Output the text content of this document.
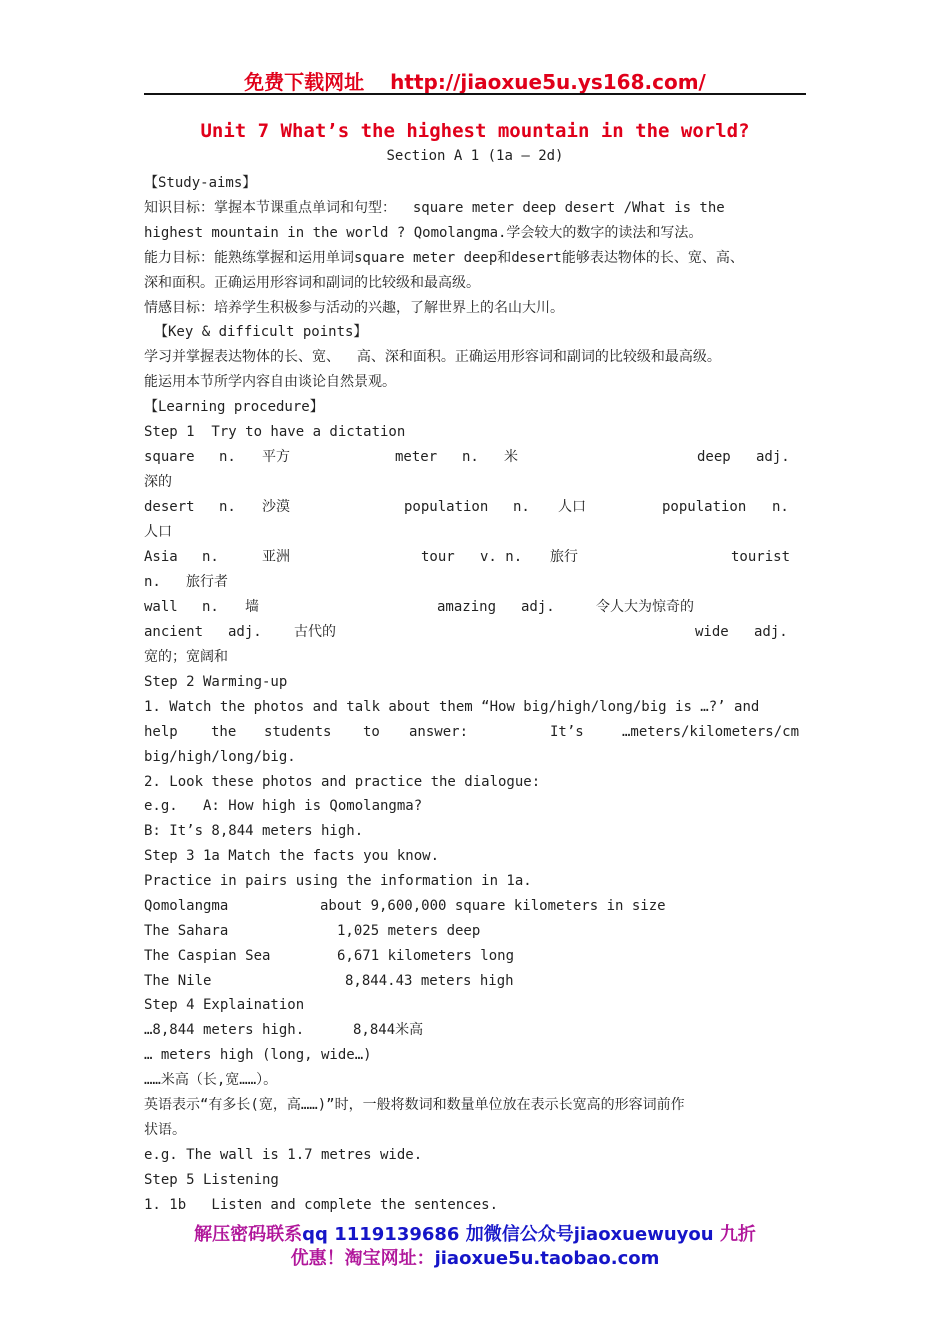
免费下载网址 http://jiaoxue5u.ys168.com/
Unit 7 What’s the highest mountain in the world?
Section A 1 (1a – 2d)
【Study-aims】
知识目标：掌握本节课重点单词和句型：  square meter deep desert /What is the
highest mountain in the world ? Qomolangma.学会较大的数字的读法和写法。
能力目标：能熟练掌握和运用单词square meter deep和desert能够表达物体的长、宽、高、
深和面积。正确运用形容词和副词的比较级和最高级。
情感目标：培养学生积极参与活动的兴趣，了解世界上的名山大川。
【Key & difficult points】
学习并掌握表达物体的长、宽、  高、深和面积。正确运用形容词和副词的比较级和最高级。
能运用本节所学内容自由谈论自然景观。
【Learning procedure】
Step 1  Try to have a dictation
square n. 平方	meter n. 米	deep adj.
深的
desert n. 沙漠	population n. 人口	population n.
人口
Asia n.	亚洲	tour v. n. 旅行	tourist
n. 旅行者
wall n. 墙	amazing adj.	令人大为惊奇的
ancient adj. 古代的	wide adj.
宽的；宽阔和
Step 2 Warming-up
1. Watch the photos and talk about them “How big/high/long/big is …?’ and
help the students to answer:	It’s	…meters/kilometers/cm
big/high/long/big.
2. Look these photos and practice the dialogue:
e.g.   A: How high is Qomolangma?
B: It’s 8,844 meters high.
Step 3 1a Match the facts you know.
Practice in pairs using the information in 1a.
Qomolangma	about 9,600,000 square kilometers in size
The Sahara	1,025 meters deep
The Caspian Sea	6,671 kilometers long
The Nile	8,844.43 meters high
Step 4 Explaination
…8,844 meters high.	8,844米高
… meters high (long, wide…)
……米高（长,宽……）。
英语表示“有多长(宽，高……)”时，一般将数词和数量单位放在表示长宽高的形容词前作
状语。
e.g. The wall is 1.7 metres wide.
Step 5 Listening
1. 1b   Listen and complete the sentences.
解压密码联系qq 1119139686 加微信公众号jiaoxuewuyou 九折
优惠！淘宝网址：jiaoxue5u.taobao.com
